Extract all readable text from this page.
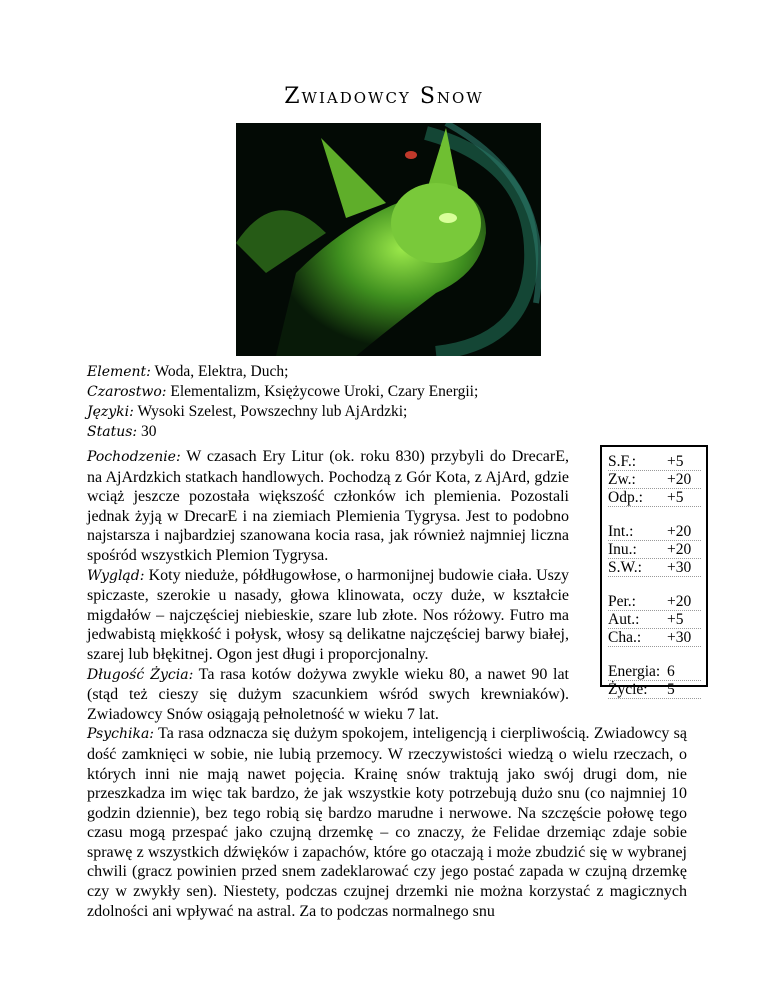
Zwiadowcy Snow
Element: Woda, Elektra, Duch;
Czarostwo: Elementalizm, Księżycowe Uroki, Czary Energii;
Języki: Wysoki Szelest, Powszechny lub AjArdzki;
Status: 30
S.F.: +5
Zw.: +20
Odp.: +5
Int.: +20
Inu.: +20
S.W.: +30
Per.: +20
Aut.: +5
Cha.: +30
Energia: 6
Życie: 5
Pochodzenie: W czasach Ery Litur (ok. roku 830) przybyli do DrecarE, na AjArdzkich statkach handlowych. Pochodzą z Gór Kota, z AjArd, gdzie wciąż jeszcze pozostała większość członków ich plemienia. Pozostali jednak żyją w DrecarE i na ziemiach Plemienia Tygrysa. Jest to podobno najstarsza i najbardziej szanowana kocia rasa, jak również najmniej liczna spośród wszystkich Plemion Tygrysa.
Wygląd: Koty nieduże, półdługowłose, o harmonijnej budowie ciała. Uszy spiczaste, szerokie u nasady, głowa klinowata, oczy duże, w kształcie migdałów – najczęściej niebieskie, szare lub złote. Nos różowy. Futro ma jedwabistą miękkość i połysk, włosy są delikatne najczęściej barwy białej, szarej lub błękitnej. Ogon jest długi i proporcjonalny.
Długość Życia: Ta rasa kotów dożywa zwykle wieku 80, a nawet 90 lat (stąd też cieszy się dużym szacunkiem wśród swych krewniaków). Zwiadowcy Snów osiągają pełnoletność w wieku 7 lat.
Psychika: Ta rasa odznacza się dużym spokojem, inteligencją i cierpliwością. Zwiadowcy są dość zamknięci w sobie, nie lubią przemocy. W rzeczywistości wiedzą o wielu rzeczach, o których inni nie mają nawet pojęcia. Krainę snów traktują jako swój drugi dom, nie przeszkadza im więc tak bardzo, że jak wszystkie koty potrzebują dużo snu (co najmniej 10 godzin dziennie), bez tego robią się bardzo marudne i nerwowe. Na szczęście połowę tego czasu mogą przespać jako czujną drzemkę – co znaczy, że Felidae drzemiąc zdaje sobie sprawę z wszystkich dźwięków i zapachów, które go otaczają i może zbudzić się w wybranej chwili (gracz powinien przed snem zadeklarować czy jego postać zapada w czujną drzemkę czy w zwykły sen). Niestety, podczas czujnej drzemki nie można korzystać z magicznych zdolności ani wpływać na astral. Za to podczas normalnego snu
